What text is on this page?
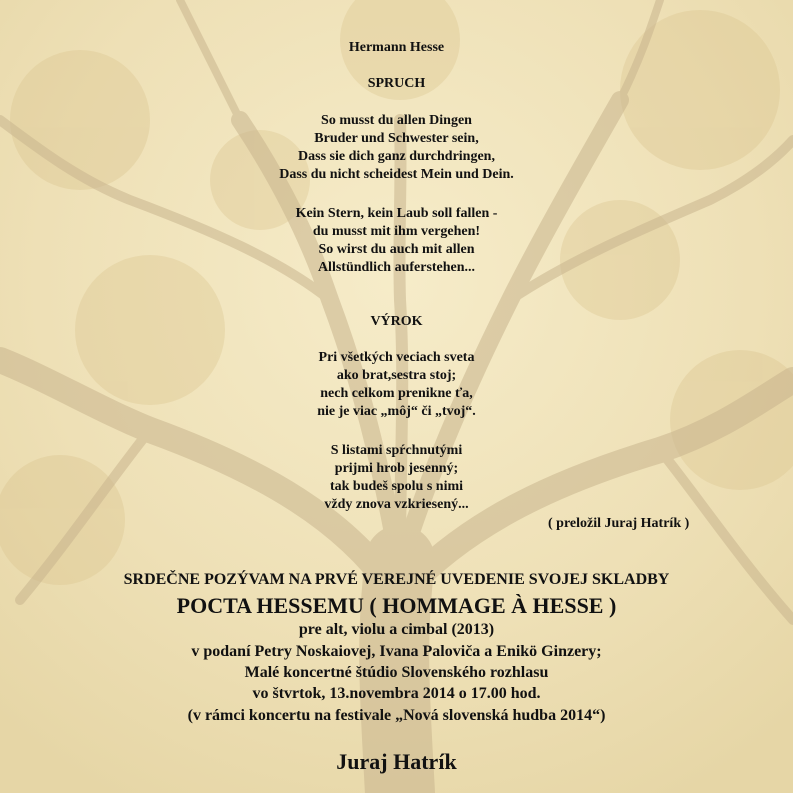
Hermann Hesse
SPRUCH
So musst du allen Dingen
Bruder und Schwester sein,
Dass sie dich ganz durchdringen,
Dass du nicht scheidest Mein und Dein.
Kein Stern, kein Laub soll fallen -
du musst mit ihm vergehen!
So wirst du auch mit allen
Allstündlich auferstehen...
VÝROK
Pri všetkých veciach sveta
ako brat,sestra stoj;
nech celkom prenikne ťa,
nie je viac „môj“ či „tvoj“.
S listami spŕchnutými
prijmi hrob jesenný;
tak budeš spolu s nimi
vždy znova vzkriesený...
( preložil Juraj Hatrík )
SRDEČNE POZÝVAM NA PRVÉ VEREJNÉ UVEDENIE SVOJEJ SKLADBY
POCTA HESSEMU ( HOMMAGE À HESSE )
pre alt, violu a cimbal (2013)
v podaní Petry Noskaiovej, Ivana Paloviča a Enikö Ginzery;
Malé koncertné štúdio Slovenského rozhlasu
vo štvrtok, 13.novembra 2014 o 17.00 hod.
(v rámci koncertu na festivale „Nová slovenská hudba 2014“)
Juraj Hatrík
